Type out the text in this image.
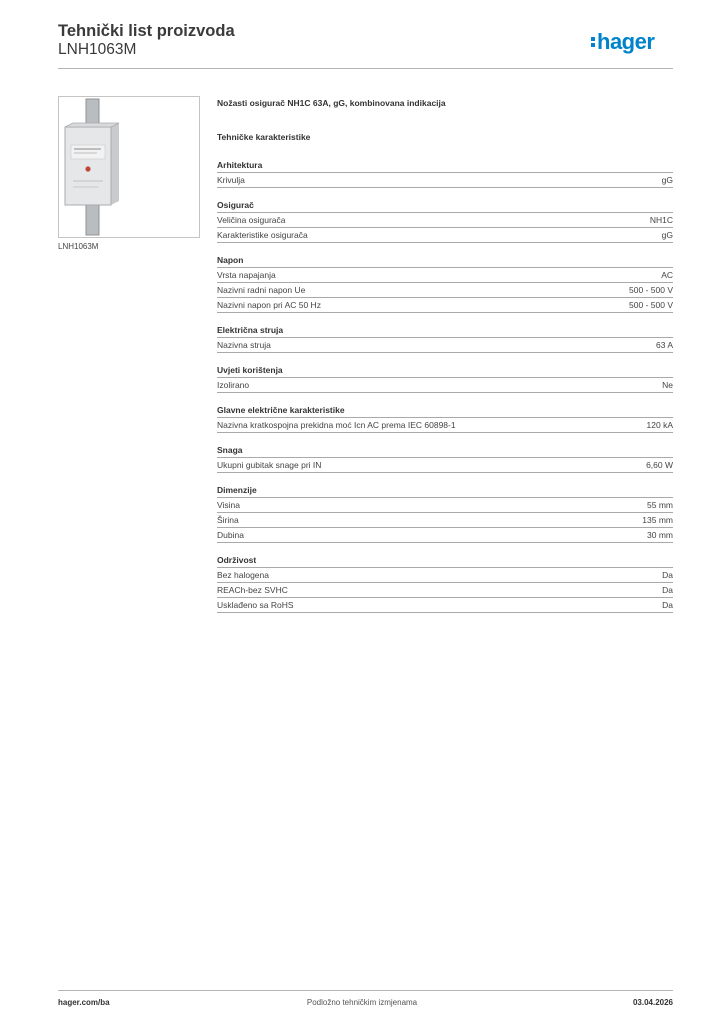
Tehnički list proizvoda
LNH1063M	hager
LNH1063M
Nožasti osigurač NH1C 63A, gG, kombinovana indikacija
Tehničke karakteristike
Arhitektura
Krivulja	gG
Osigurač
Veličina osigurača	NH1C
Karakteristike osigurača	gG
Napon
Vrsta napajanja	AC
Nazivni radni napon Ue	500 - 500 V
Nazivni napon pri AC 50 Hz	500 - 500 V
Električna struja
Nazivna struja	63 A
Uvjeti korištenja
Izolirano	Ne
Glavne električne karakteristike
Nazivna kratkospojna prekidna moć Icn AC prema IEC 60898-1	120 kA
Snaga
Ukupni gubitak snage pri IN	6,60 W
Dimenzije
Visina	55 mm
Širina	135 mm
Dubina	30 mm
Održivost
Bez halogena	Da
REACh-bez SVHC	Da
Usklađeno sa RoHS	Da
hager.com/ba	Podložno tehničkim izmjenama	03.04.2026
